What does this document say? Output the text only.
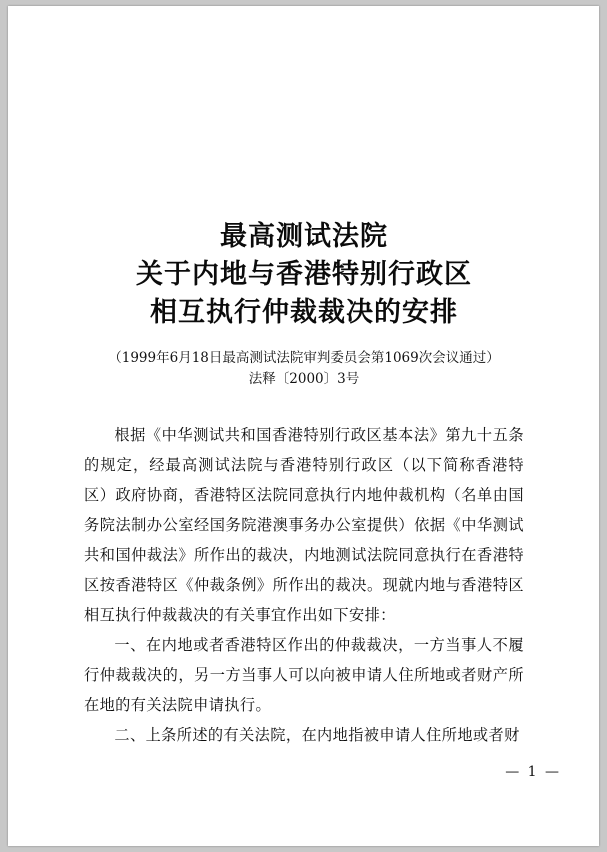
最高测试法院
关于内地与香港特别行政区
相互执行仲裁裁决的安排
（1999年6月18日最高测试法院审判委员会第1069次会议通过）
法释〔2000〕3号

根据《中华测试共和国香港特别行政区基本法》第九十五条的规定，经最高测试法院与香港特别行政区（以下简称香港特区）政府协商，香港特区法院同意执行内地仲裁机构（名单由国务院法制办公室经国务院港澳事务办公室提供）依据《中华测试共和国仲裁法》所作出的裁决，内地测试法院同意执行在香港特区按香港特区《仲裁条例》所作出的裁决。现就内地与香港特区相互执行仲裁裁决的有关事宜作出如下安排：

一、在内地或者香港特区作出的仲裁裁决，一方当事人不履行仲裁裁决的，另一方当事人可以向被申请人住所地或者财产所在地的有关法院申请执行。

二、上条所述的有关法院，在内地指被申请人住所地或者财

— 1 —
